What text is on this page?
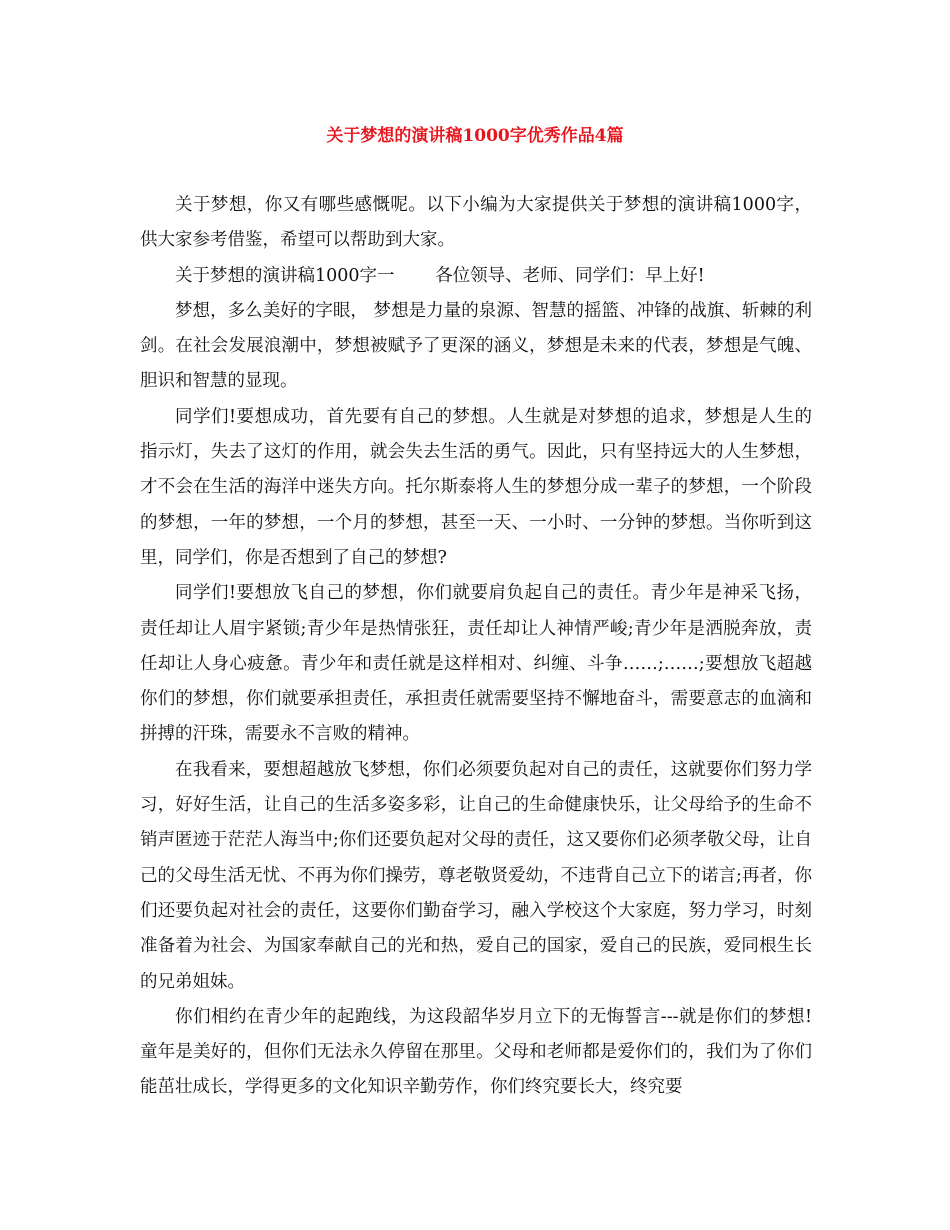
关于梦想的演讲稿1000字优秀作品4篇

关于梦想，你又有哪些感慨呢。以下小编为大家提供关于梦想的演讲稿1000字，供大家参考借鉴，希望可以帮助到大家。

关于梦想的演讲稿1000字一　　 各位领导、老师、同学们：早上好!

梦想，多么美好的字眼， 梦想是力量的泉源、智慧的摇篮、冲锋的战旗、斩棘的利剑。在社会发展浪潮中，梦想被赋予了更深的涵义，梦想是未来的代表，梦想是气魄、胆识和智慧的显现。

同学们!要想成功，首先要有自己的梦想。人生就是对梦想的追求，梦想是人生的指示灯，失去了这灯的作用，就会失去生活的勇气。因此，只有坚持远大的人生梦想，才不会在生活的海洋中迷失方向。托尔斯泰将人生的梦想分成一辈子的梦想，一个阶段的梦想，一年的梦想，一个月的梦想，甚至一天、一小时、一分钟的梦想。当你听到这里，同学们，你是否想到了自己的梦想?

同学们!要想放飞自己的梦想，你们就要肩负起自己的责任。青少年是神采飞扬，责任却让人眉宇紧锁;青少年是热情张狂，责任却让人神情严峻;青少年是洒脱奔放，责任却让人身心疲惫。青少年和责任就是这样相对、纠缠、斗争……;……;要想放飞超越你们的梦想，你们就要承担责任，承担责任就需要坚持不懈地奋斗，需要意志的血滴和拼搏的汗珠，需要永不言败的精神。

在我看来，要想超越放飞梦想，你们必须要负起对自己的责任，这就要你们努力学习，好好生活，让自己的生活多姿多彩，让自己的生命健康快乐，让父母给予的生命不销声匿迹于茫茫人海当中;你们还要负起对父母的责任，这又要你们必须孝敬父母，让自己的父母生活无忧、不再为你们操劳，尊老敬贤爱幼，不违背自己立下的诺言;再者，你们还要负起对社会的责任，这要你们勤奋学习，融入学校这个大家庭，努力学习，时刻准备着为社会、为国家奉献自己的光和热，爱自己的国家，爱自己的民族，爱同根生长的兄弟姐妹。

你们相约在青少年的起跑线，为这段韶华岁月立下的无悔誓言---就是你们的梦想!童年是美好的，但你们无法永久停留在那里。父母和老师都是爱你们的，我们为了你们能茁壮成长，学得更多的文化知识辛勤劳作，你们终究要长大，终究要
